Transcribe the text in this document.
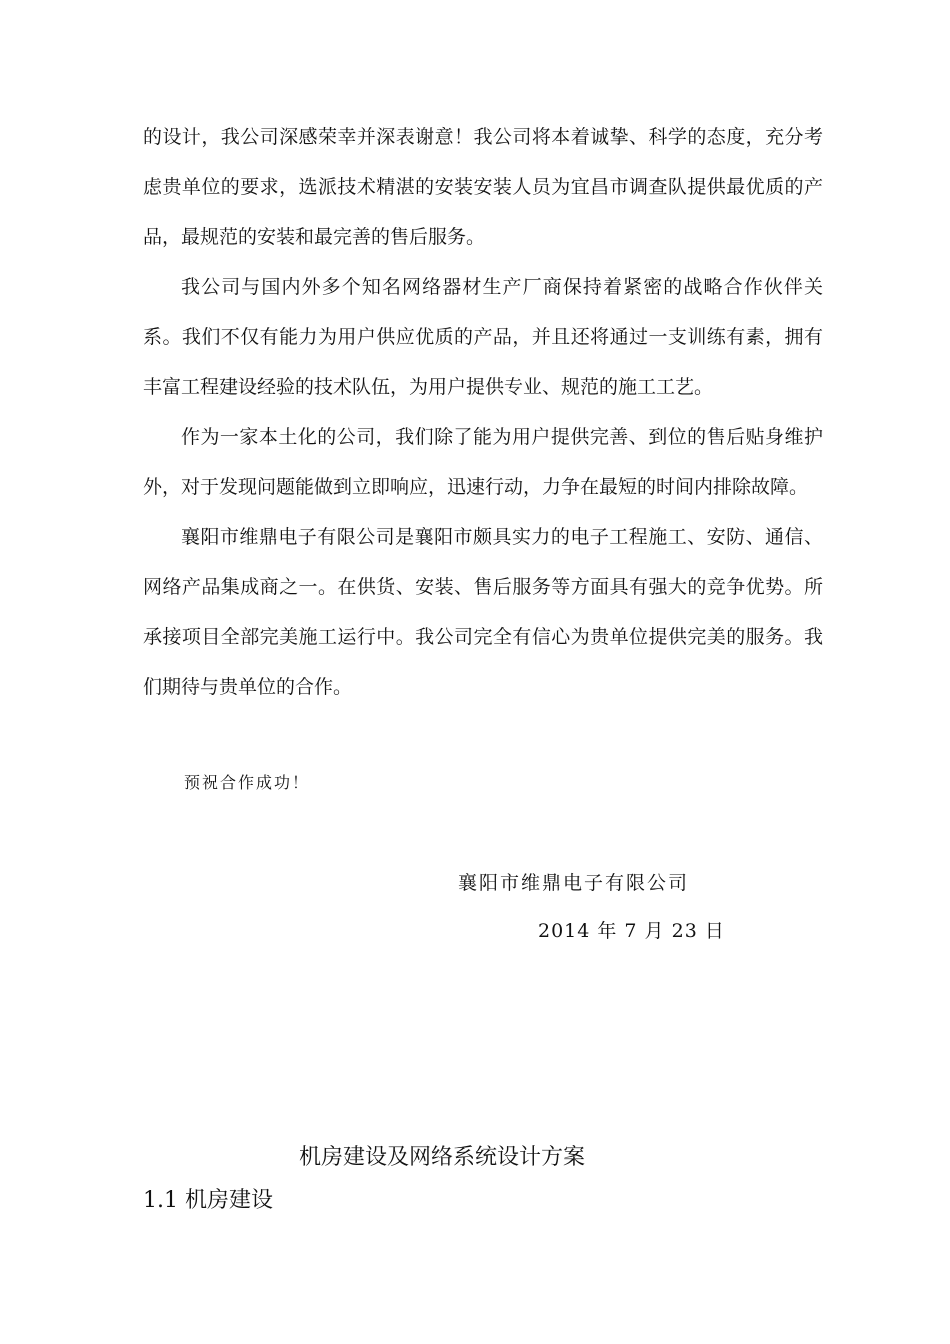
的设计，我公司深感荣幸并深表谢意！我公司将本着诚挚、科学的态度，充分考虑贵单位的要求，选派技术精湛的安装安装人员为宜昌市调查队提供最优质的产品，最规范的安装和最完善的售后服务。

我公司与国内外多个知名网络器材生产厂商保持着紧密的战略合作伙伴关系。我们不仅有能力为用户供应优质的产品，并且还将通过一支训练有素，拥有丰富工程建设经验的技术队伍，为用户提供专业、规范的施工工艺。

作为一家本土化的公司，我们除了能为用户提供完善、到位的售后贴身维护外，对于发现问题能做到立即响应，迅速行动，力争在最短的时间内排除故障。

襄阳市维鼎电子有限公司是襄阳市颇具实力的电子工程施工、安防、通信、网络产品集成商之一。在供货、安装、售后服务等方面具有强大的竞争优势。所承接项目全部完美施工运行中。我公司完全有信心为贵单位提供完美的服务。我们期待与贵单位的合作。

预祝合作成功！

襄阳市维鼎电子有限公司

2014 年 7 月 23 日

机房建设及网络系统设计方案
1.1 机房建设
